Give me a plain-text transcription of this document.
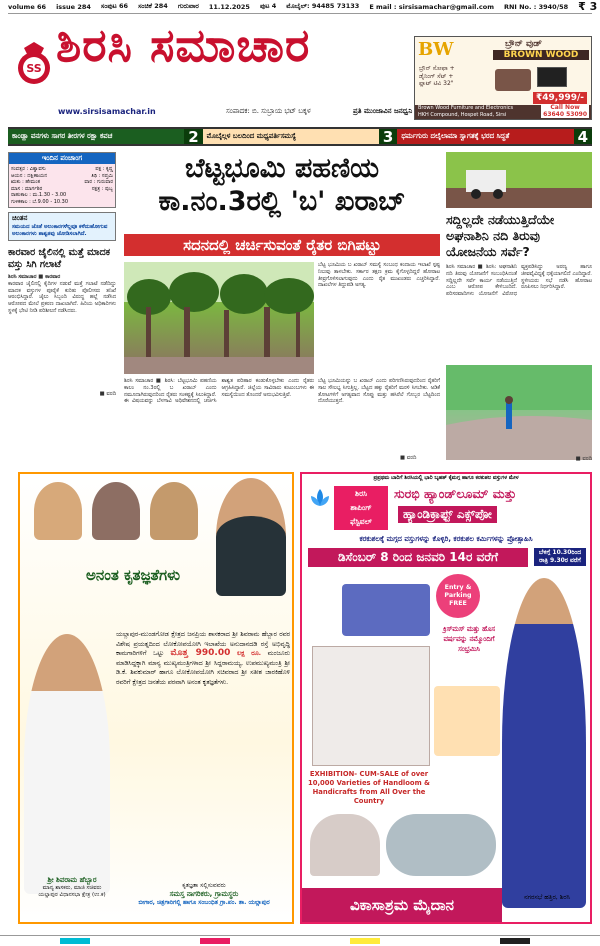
volume 66 issue 284 ಸಂಪುಟ 66 ಸಂಚಿಕೆ 284 ಗುರುವಾರ 11.12.2025 ಪುಟ 4 ಮೊಬೈಲ್: 94485 73133 E mail : sirsisamachar@gmail.com RNI No. : 3940/58 ₹ 3
SS ಶಿರಸಿ ಸಮಾಚಾರ
www.sirsisamachar.in	ಸಂಪಾದಕ: ಬಿ. ಸುಬ್ರಾಯ ಭಟ್ ಬಕ್ಕಳ	ಪ್ರತಿ ಮುಂಜಾವಿನ ಜನಧ್ವನಿ
BW	ಬ್ರೌನ್ ವುಡ್
BROWN WOOD
ಬ್ರೌನ್ ಸೋಫಾ +
ಡೈನಿಂಗ್ ಸೆಟ್ +
ಫ್ಲಾಟ್ ಟಿವಿ 32"
₹49,999/-
Brown Wood Furniture and Electronics
HKH Compound, Hospet Road, Sirsi
Call Now
63640 53090
ಕಾಂಡ್ಲಾ ವನಗಳು ಸಾಗರ ತೀರಗಳ ರಕ್ಷಾ ಕವಚ	2	ಮೊಬೈಲ್ಗಳ ಬಲದಿಂದ ಮಧ್ಯವರ್ತಿಸಮಸ್ಯೆ	3	ಧರ್ಮಗುರು ದಲೈಲಾಮಾ ಸ್ವಾಗತಕ್ಕೆ ಭರದ ಸಿದ್ಧತೆ	4
ಇಂದಿನ ಪಂಚಾಂಗ
ಸಂವತ್ಸರ : ವಿಶ್ವಾವಸು	ಪಕ್ಷ : ಕೃಷ್ಣ
ಆಯನ : ದಕ್ಷಿಣಾಯನ	ತಿಥಿ : ಸಪ್ತಮಿ
ಋತು : ಹೇಮಂತ	ವಾರ : ಗುರುವಾರ
ಮಾಸ : ಮಾರ್ಗಶಿರ	ನಕ್ಷತ್ರ : ಪುಬ್ಬ
ರಾಹುಕಾಲ : ಮ.1.30 - 3.00
ಗುಳಿಕಕಾಲ : ಬೆ.9.00 - 10.30
ಚಿಂತನ
ಸಮಯದ ಜೊತೆ ಅಲಂಕಾರಗಳೆಲ್ಲವೂ ಕಳೆದುಹೋಗುವ ಅಲಂಕಾರಗಳು ಶಾಶ್ವತವು ಜೋಡಿಸಲಾಗಿದೆ.
ಕಾರವಾರ ಜೈಲಿನಲ್ಲಿ ಮತ್ತೆ ಮಾದಕ ವಸ್ತು ಸಿಗಿ ಗಲಾಟೆ
ಶಿರಸಿ ಸಮಾಚಾರ ■ ಕಾರವಾರ
ಕಾರವಾರ ಜೈಲಿನಲ್ಲಿ ಕೈದಿಗಳ ನಡುವೆ ಮತ್ತೆ ಗಲಾಟೆ ನಡೆದಿದ್ದು ಮಾದಕ ವಸ್ತುಗಳ ಪೂರೈಕೆ ಕುರಿತು ಪೊಲೀಸರು ತನಿಖೆ ಆರಂಭಿಸಿದ್ದಾರೆ. ಜೈಲು ಸಿಬ್ಬಂದಿ ವಿರುದ್ಧ ಹಲ್ಲೆ ನಡೆಸಿದ ಆರೋಪದ ಮೇಲೆ ಪ್ರಕರಣ ದಾಖಲಾಗಿದೆ. ಹಿರಿಯ ಅಧಿಕಾರಿಗಳು ಸ್ಥಳಕ್ಕೆ ಭೇಟಿ ನೀಡಿ ಪರಿಶೀಲನೆ ನಡೆಸಿದರು.
■ ವರದಿ
ಬೆಟ್ಟಭೂಮಿ ಪಹಣಿಯ
ಕಾ.ನಂ.3ರಲ್ಲಿ 'ಬ' ಖರಾಬ್
ಸದನದಲ್ಲಿ ಚರ್ಚಿಸುವಂತೆ ರೈತರ ಬಿಗಿಪಟ್ಟು
ಬೆಟ್ಟ ಭೂಮಿಯ ಬ ಖರಾಬ್ ಸಮಸ್ಯೆ ಸಂಬಂಧ ಕಂದಾಯ ಇಲಾಖೆ ಸ್ಪಷ್ಟ ನಿಲುವು ತಾಳಬೇಕು. ಸರ್ಕಾರ ತಕ್ಷಣ ಕ್ರಮ ಕೈಗೊಳ್ಳದಿದ್ದರೆ ಹೋರಾಟ ತೀವ್ರಗೊಳಿಸಲಾಗುವುದು ಎಂದು ರೈತ ಮುಖಂಡರು ಎಚ್ಚರಿಸಿದ್ದಾರೆ. ದಾಖಲೆಗಳ ತಿದ್ದುಪಡಿ ಅಗತ್ಯ.
ಶಿರಸಿ ಸಮಾಚಾರ ■ ಶಿರಸಿ: ಬೆಟ್ಟಭೂಮಿ ಪಹಣಿಯ ಕಾಲಂ ನಂ.3ರಲ್ಲಿ ಬ ಖರಾಬ್ ಎಂದು ನಮೂದಾಗಿರುವುದರಿಂದ ರೈತರು ಸಂಕಷ್ಟಕ್ಕೆ ಸಿಲುಕಿದ್ದಾರೆ. ಈ ವಿಷಯವನ್ನು ಬೆಳಗಾವಿ ಅಧಿವೇಶನದಲ್ಲಿ ಚರ್ಚಿಸಿ ಶಾಶ್ವತ ಪರಿಹಾರ ಕಂಡುಕೊಳ್ಳಬೇಕು ಎಂದು ರೈತರು ಆಗ್ರಹಿಸಿದ್ದಾರೆ. ಜಿಲ್ಲೆಯ ಸಾವಿರಾರು ಕುಟುಂಬಗಳು ಈ ಸಮಸ್ಯೆಯಿಂದ ತೊಂದರೆ ಅನುಭವಿಸುತ್ತಿವೆ.
ಬೆಟ್ಟ ಭೂಮಿಯನ್ನು ಬ ಖರಾಬ್ ಎಂದು ಪರಿಗಣಿಸಿರುವುದರಿಂದ ರೈತರಿಗೆ ಸಾಲ ಸೌಲಭ್ಯ ಸಿಗುತ್ತಿಲ್ಲ. ಬೆಟ್ಟದ ಹಕ್ಕು ರೈತರಿಗೆ ಮರಳಿ ಸಿಗಬೇಕು. ಅಡಿಕೆ ತೋಟಗಳಿಗೆ ಅಗತ್ಯವಾದ ಸೊಪ್ಪು ಮತ್ತು ಹಸಿರೆಲೆ ಗೊಬ್ಬರ ಬೆಟ್ಟದಿಂದ ದೊರೆಯುತ್ತದೆ.
■ ವರದಿ
ಸದ್ದಿಲ್ಲದೇ ನಡೆಯುತ್ತಿದೆಯೇ ಅಘನಾಶಿನಿ ನದಿ ತಿರುವು ಯೋಜನೆಯ ಸರ್ವೆ?
ಶಿರಸಿ ಸಮಾಚಾರ ■ ಶಿರಸಿ: ಅಘನಾಶಿನಿ ನದಿ ತಿರುವು ಯೋಜನೆಗೆ ಸಂಬಂಧಿಸಿದಂತೆ ಸದ್ದಿಲ್ಲದೇ ಸರ್ವೆ ಕಾರ್ಯ ನಡೆಯುತ್ತಿದೆ ಎಂಬ ಆರೋಪ ಕೇಳಿಬಂದಿದೆ. ಪರಿಸರವಾದಿಗಳು ಯೋಜನೆಗೆ ವಿರೋಧ ವ್ಯಕ್ತಪಡಿಸಿದ್ದು ಅರಣ್ಯ ಹಾಗೂ ಜೀವವೈವಿಧ್ಯಕ್ಕೆ ಧಕ್ಕೆಯಾಗಲಿದೆ ಎಂದಿದ್ದಾರೆ. ಸ್ಥಳೀಯರು ಸಭೆ ನಡೆಸಿ ಹೋರಾಟ ರೂಪಿಸಲು ನಿರ್ಧರಿಸಿದ್ದಾರೆ.
■ ವರದಿ
ಅನಂತ ಕೃತಜ್ಞತೆಗಳು
ಯಲ್ಲಾಪುರ-ಮುಂಡಗೋಡ ಕ್ಷೇತ್ರದ ಜನಪ್ರಿಯ ಶಾಸಕರಾದ ಶ್ರೀ ಶಿವರಾಮ ಹೆಬ್ಬಾರ ರವರ ವಿಶೇಷ ಪ್ರಯತ್ನದಿಂದ ಲೋಕೋಪಯೋಗಿ ಇಲಾಖೆಯ ಅನುದಾನದಡಿ ರಸ್ತೆ ಅಭಿವೃದ್ಧಿ ಕಾಮಗಾರಿಗಳಿಗೆ ಒಟ್ಟು ಮೊತ್ತ 990.00 ಲಕ್ಷ ರೂ. ಮಂಜೂರು ಮಾಡಿಸಿದ್ದಕ್ಕಾಗಿ ಮಾನ್ಯ ಮುಖ್ಯಮಂತ್ರಿಗಳಾದ ಶ್ರೀ ಸಿದ್ದರಾಮಯ್ಯ, ಉಪಮುಖ್ಯಮಂತ್ರಿ ಶ್ರೀ ಡಿ.ಕೆ. ಶಿವಕುಮಾರ್ ಹಾಗೂ ಲೋಕೋಪಯೋಗಿ ಸಚಿವರಾದ ಶ್ರೀ ಸತೀಶ ಜಾರಕಿಹೊಳಿ ರವರಿಗೆ ಕ್ಷೇತ್ರದ ಜನತೆಯ ಪರವಾಗಿ ಅನಂತ ಕೃತಜ್ಞತೆಗಳು.
ಶ್ರೀ ಶಿವರಾಮ ಹೆಬ್ಬಾರ
ಮಾನ್ಯ ಶಾಸಕರು, ಮಾಜಿ ಸಚಿವರು
ಯಲ್ಲಾಪುರ ವಿಧಾನಸಭಾ ಕ್ಷೇತ್ರ (ಉ.ಕ)
ಕೃತಜ್ಞತಾ ಸಲ್ಲಿಸುವವರು
ಸಮಸ್ತ ನಾಗರಿಕರು, ಗ್ರಾಮಸ್ಥರು
ಬೀಗಾರ, ಚಿತ್ರಗಾರಿಗಲ್ಲಿ ಹಾಗೂ ಸಂಬಂಧಿತ ಗ್ರಾ.ಪಂ. ತಾ. ಯಲ್ಲಾಪುರ
ಪ್ರಪ್ರಥಮ ಬಾರಿಗೆ ಶಿರಸಿಯಲ್ಲಿ ಭಾರಿ ಬೃಹತ್ ಕೈಮಗ್ಗ ಹಾಗೂ ಕರಕುಶಲ ವಸ್ತುಗಳ ಮೇಳ
ಶಿರಸಿ
ಶಾಪಿಂಗ್
ಫೆಸ್ಟಿವಲ್
ಸುರಭಿ ಹ್ಯಾಂಡ್‌ಲೂಮ್ ಮತ್ತು
ಹ್ಯಾಂಡಿಕ್ರಾಫ್ಟ್ ಎಕ್ಸ್‌ಪೋ
ಕರಕುಶಲಕ್ಕೆ ಮಗ್ಗದ ವಸ್ತುಗಳನ್ನು ಕೊಳ್ಳಿರಿ, ಕರಕುಶಲ ಕರ್ಮಿಗಳನ್ನು ಪ್ರೋತ್ಸಾಹಿಸಿ
ಡಿಸೆಂಬರ್ 8 ರಿಂದ ಜನವರಿ 14ರ ವರೆಗೆ	ಬೆಳಿಗ್ಗೆ 10.30ರಿಂದ ರಾತ್ರಿ 9.30ರ ವರೆಗೆ
Entry & Parking FREE
ಕ್ರಿಸ್‌ಮಸ್ ಮತ್ತು ಹೊಸ ವರ್ಷವನ್ನು ನಮ್ಮೊಂದಿಗೆ ಸಂಭ್ರಮಿಸಿ
EXHIBITION- CUM-SALE of over 10,000 Varieties of Handloom & Handicrafts from All Over the Country
ವಿಕಾಸಾಶ್ರಮ ಮೈದಾನ	ನಗರಸಭೆ ಹತ್ತಿರ, ಶಿರಸಿ
